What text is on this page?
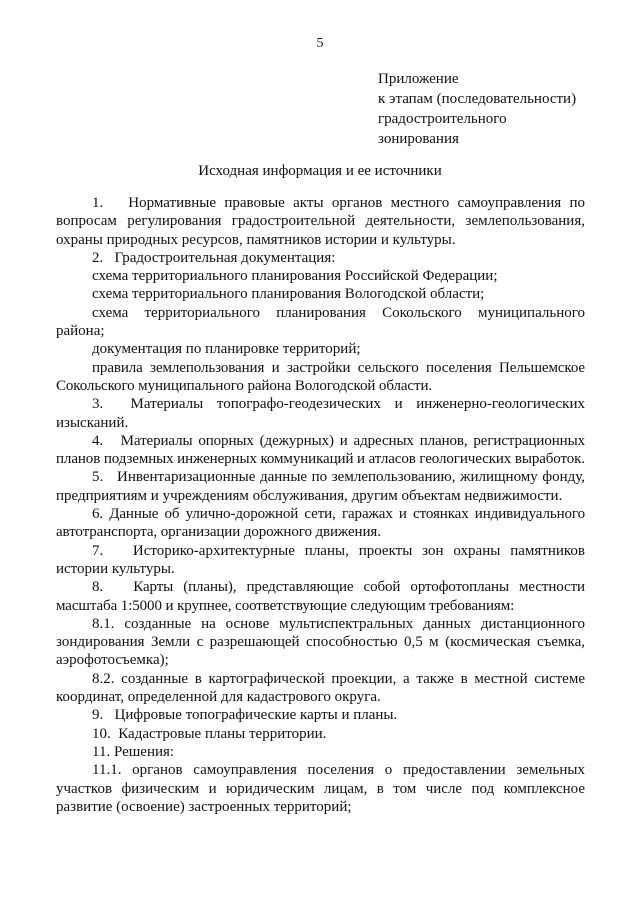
5
Приложение
к этапам (последовательности)
градостроительного
зонирования
Исходная информация и ее источники

1.   Нормативные правовые акты органов местного самоуправления по вопросам регулирования градостроительной деятельности, землепользования, охраны природных ресурсов, памятников истории и культуры.

2.   Градостроительная документация:

схема территориального планирования Российской Федерации;

схема территориального планирования Вологодской области;

схема территориального планирования Сокольского муниципального района;

документация по планировке территорий;

правила землепользования и застройки сельского поселения Пельшемское Сокольского муниципального района Вологодской области.

3.  Материалы топографо-геодезических и инженерно-геологических изысканий.

4.   Материалы опорных (дежурных) и адресных планов, регистрационных планов подземных инженерных коммуникаций и атласов геологических выработок.

5.   Инвентаризационные данные по землепользованию, жилищному фонду, предприятиям и учреждениям обслуживания, другим объектам недвижимости.

6. Данные об улично-дорожной сети, гаражах и стоянках индивидуального автотранспорта, организации дорожного движения.

7.   Историко-архитектурные планы, проекты зон охраны памятников истории культуры.

8.   Карты (планы), представляющие собой ортофотопланы местности масштаба 1:5000 и крупнее, соответствующие следующим требованиям:

8.1. созданные на основе мультиспектральных данных дистанционного зондирования Земли с разрешающей способностью 0,5 м (космическая съемка, аэрофотосъемка);

8.2. созданные в картографической проекции, а также в местной системе координат, определенной для кадастрового округа.

9.   Цифровые топографические карты и планы.

10.  Кадастровые планы территории.

11. Решения:

11.1. органов самоуправления поселения о предоставлении земельных участков физическим и юридическим лицам, в том числе под комплексное развитие (освоение) застроенных территорий;
